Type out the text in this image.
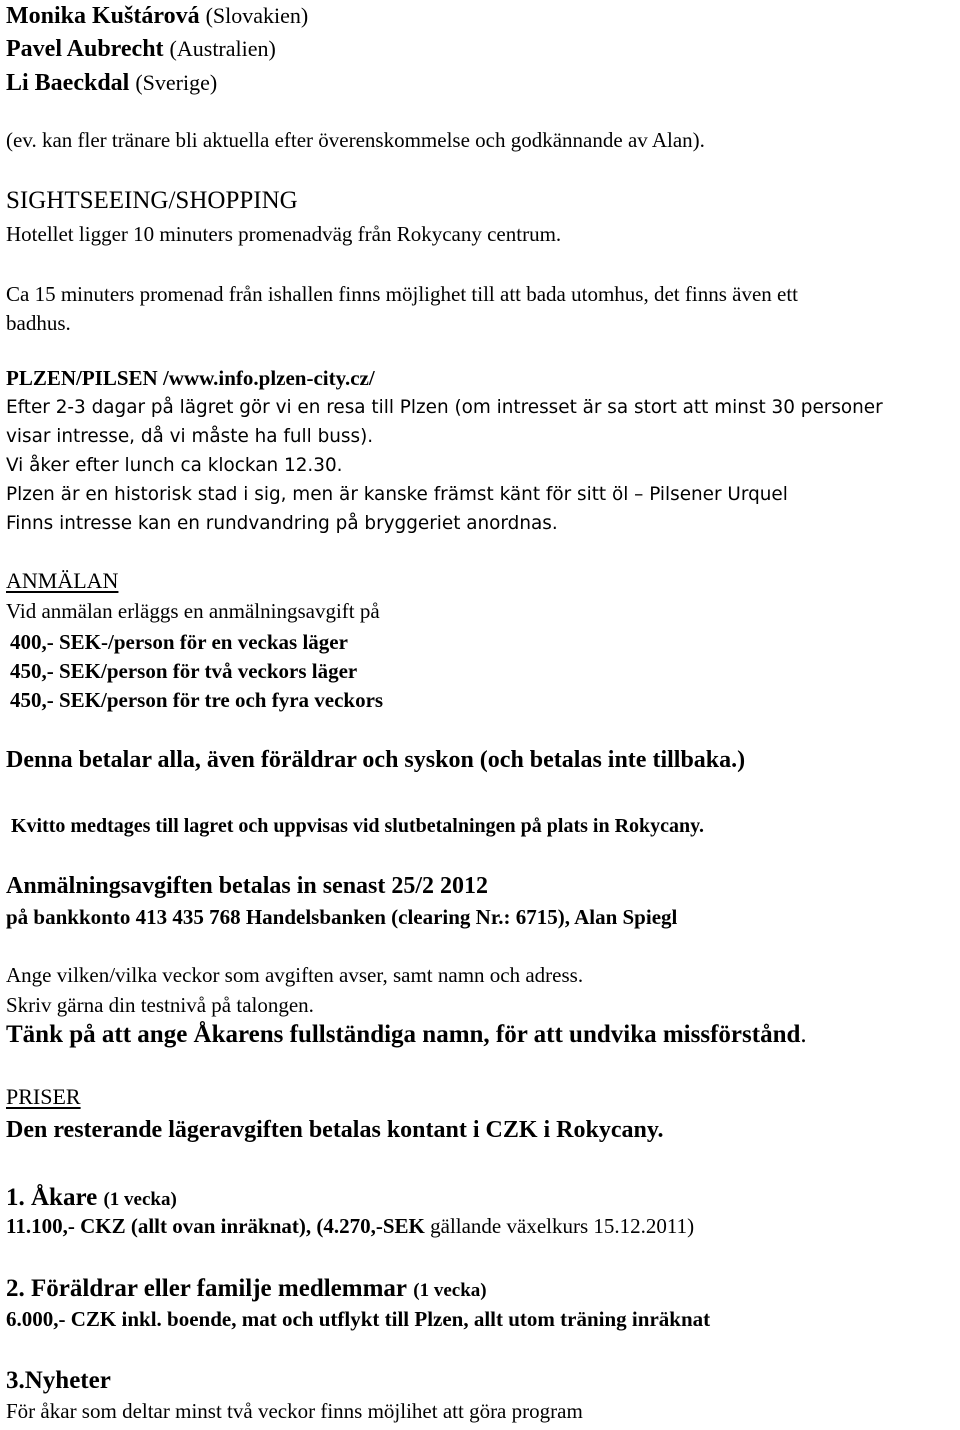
Monika Kuštárová (Slovakien)
Pavel Aubrecht (Australien)
Li Baeckdal (Sverige)
(ev. kan fler tränare bli aktuella efter överenskommelse och godkännande av Alan).
SIGHTSEEING/SHOPPING
Hotellet ligger 10 minuters promenadväg från Rokycany centrum.
Ca 15 minuters promenad från ishallen finns möjlighet till att bada utomhus, det finns även ett
badhus.
PLZEN/PILSEN /www.info.plzen-city.cz/
Efter 2-3 dagar på lägret gör vi en resa till Plzen (om intresset är sa stort att minst 30 personer
visar intresse, då vi måste ha full buss).
Vi åker efter lunch ca klockan 12.30.
Plzen är en historisk stad i sig, men är kanske främst känt för sitt öl – Pilsener Urquel
Finns intresse kan en rundvandring på bryggeriet anordnas.
ANMÄLAN
Vid anmälan erläggs en anmälningsavgift på
400,- SEK-/person för en veckas läger
450,- SEK/person för två veckors läger
450,- SEK/person för tre och fyra veckors
Denna betalar alla, även föräldrar och syskon (och betalas inte tillbaka.)
Kvitto medtages till lagret och uppvisas vid slutbetalningen på plats in Rokycany.
Anmälningsavgiften betalas in senast 25/2 2012
på bankkonto 413 435 768 Handelsbanken (clearing Nr.: 6715), Alan Spiegl
Ange vilken/vilka veckor som avgiften avser, samt namn och adress.
Skriv gärna din testnivå på talongen.
Tänk på att ange Åkarens fullständiga namn, för att undvika missförstånd.
PRISER
Den resterande lägeravgiften betalas kontant i CZK i Rokycany.
1. Åkare (1 vecka)
11.100,- CKZ (allt ovan inräknat), (4.270,-SEK gällande växelkurs 15.12.2011)
2. Föräldrar eller familje medlemmar (1 vecka)
6.000,- CZK inkl. boende, mat och utflykt till Plzen, allt utom träning inräknat
3.Nyheter
För åkar som deltar minst två veckor finns möjlihet att göra program
